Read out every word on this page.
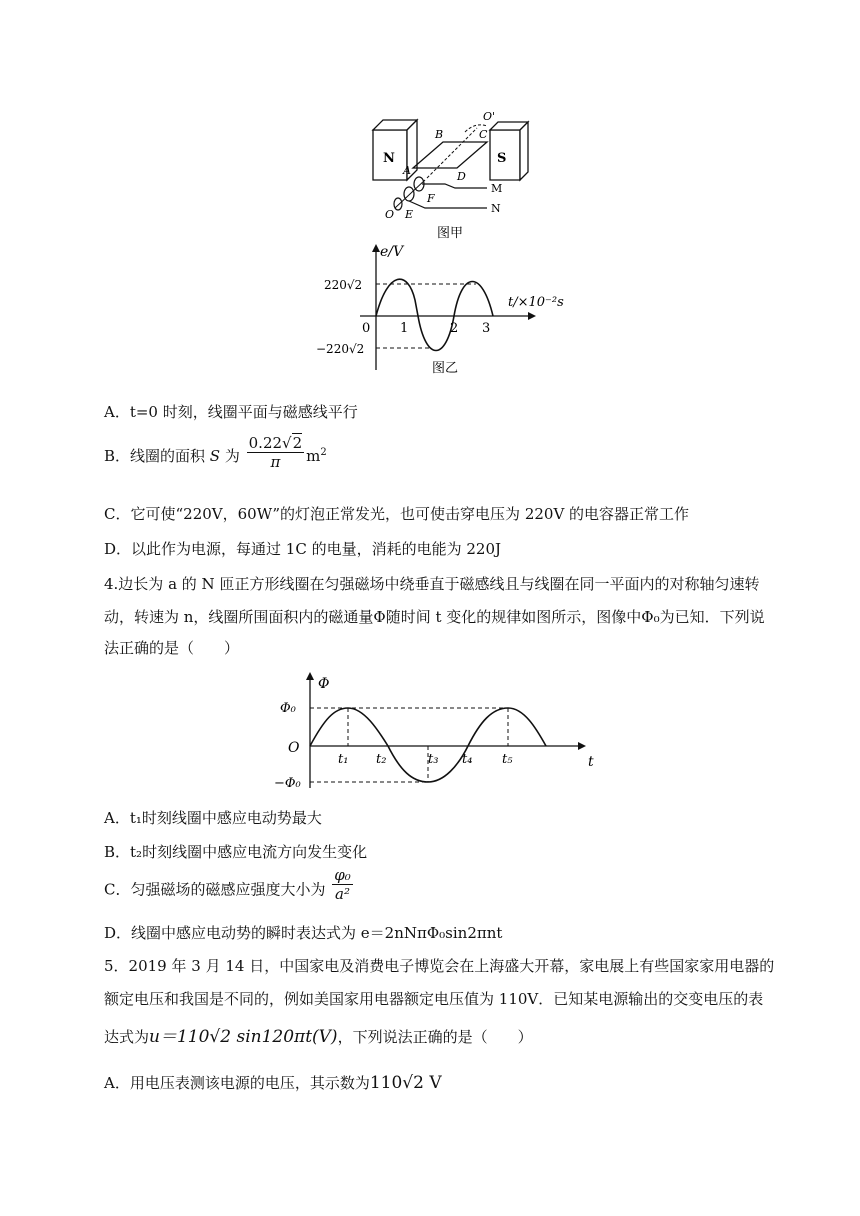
N	S
B	C
O'
A	D
F
M
N
O E
图甲
e/V
t/×10⁻²s
220√2
−220√2
0 1	2 3
图乙
A．t=0 时刻，线圈平面与磁感线平行
B．线圈的面积 S 为 $\frac{0.22√2}{\pi} m^2$
C．它可使“220V，60W”的灯泡正常发光，也可使击穿电压为 220V 的电容器正常工作
D．以此作为电源，每通过 1C 的电量，消耗的电能为 220J
4.边长为 a 的 N 匝正方形线圈在匀强磁场中绕垂直于磁感线且与线圈在同一平面内的对称轴匀速转
动，转速为 n，线圈所围面积内的磁通量Φ随时间 t 变化的规律如图所示，图像中Φ₀为已知．下列说
法正确的是（　　）
Φ
t
O
Φ₀
−Φ₀
t₁ t₂	t₃ t₄ t₅
A．t₁时刻线圈中感应电动势最大
B．t₂时刻线圈中感应电流方向发生变化
C．匀强磁场的磁感应强度大小为 $\frac{\text{φ₀}}{\text{a²}}$
D．线圈中感应电动势的瞬时表达式为 e＝2nNπΦ₀sin2πnt
5．2019 年 3 月 14 日，中国家电及消费电子博览会在上海盛大开幕，家电展上有些国家家用电器的
额定电压和我国是不同的，例如美国家用电器额定电压值为 110V．已知某电源输出的交变电压的表
达式为u＝110√2 sin120πt(V)，下列说法正确的是（　　）
A．用电压表测该电源的电压，其示数为110√2 V
